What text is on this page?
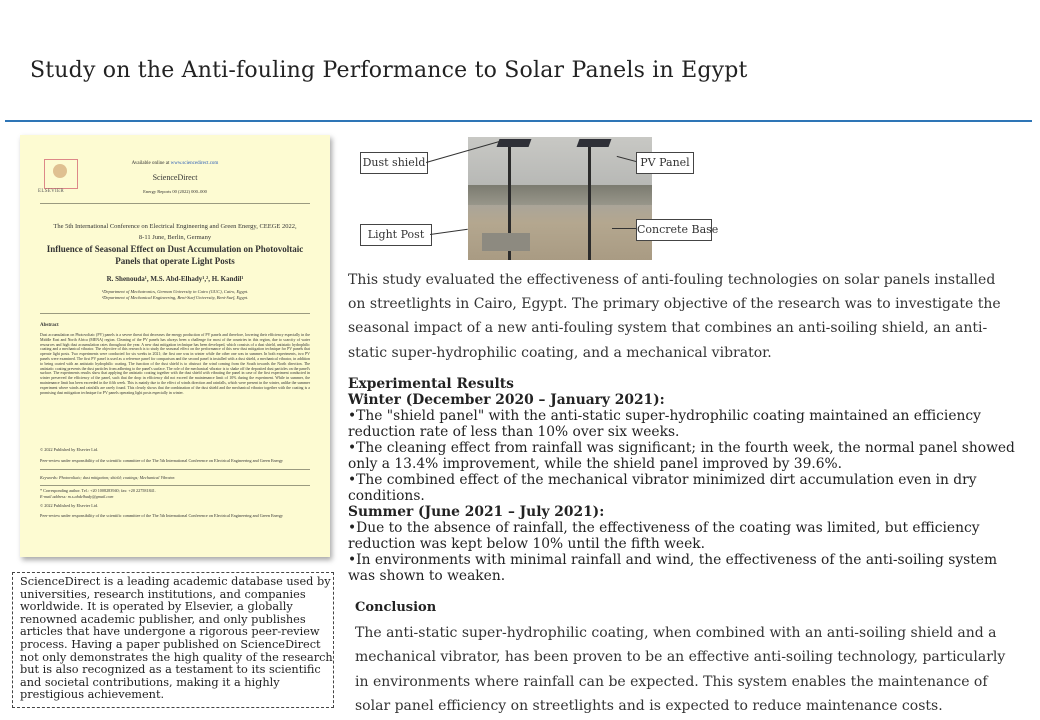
Study on the Anti-fouling Performance to Solar Panels in Egypt
ELSEVIER
Available online at www.sciencedirect.com
ScienceDirect
Energy Reports 00 (2022) 000–000
The 5th International Conference on Electrical Engineering and Green Energy, CEEGE 2022,
8-11 June, Berlin, Germany
Influence of Seasonal Effect on Dust Accumulation on Photovoltaic Panels that operate Light Posts
R. Shenouda¹, M.S. Abd-Elhady¹,², H. Kandil¹
¹Department of Mechatronics, German University in Cairo (GUC), Cairo, Egypt.
²Department of Mechanical Engineering, Beni-Suef University, Beni-Suef, Egypt.
Abstract
Dust accumulation on Photovoltaic (PV) panels is a severe threat that decreases the energy production of PV panels and therefore, lowering their efficiency especially in the Middle East and North Africa (MENA) region. Cleaning of the PV panels has always been a challenge for most of the countries in this region, due to scarcity of water resources and high dust accumulation rates throughout the year. A new dust mitigation technique has been developed, which consists of a dust shield, antistatic hydrophilic coating and a mechanical vibrator. The objective of this research is to study the seasonal effect on the performance of this new dust mitigation technique for PV panels that operate light posts. Two experiments were conducted for six weeks in 2021; the first one was in winter while the other one was in summer. In both experiments, two PV panels were examined. The first PV panel is used as a reference panel for comparison and the second panel is installed with a dust shield, a mechanical vibrator, in addition to being coated with an antistatic hydrophilic coating. The function of the dust shield is to obstruct the wind coming from the South towards the North direction. The antistatic coating prevents the dust particles from adhering to the panel's surface. The role of the mechanical vibrator is to shake off the deposited dust particles on the panel's surface. The experiments results show that applying the antistatic coating together with the dust shield with vibrating the panel in case of the first experiment conducted in winter preserved the efficiency of the panel, such that the drop in efficiency did not exceed the maintenance limit of 10% during the experiment. While in summer, the maintenance limit has been exceeded in the fifth week. This is mainly due to the effect of winds direction and rainfalls, which were present in the winter, unlike the summer experiment where winds and rainfalls are rarely found. This clearly shows that the combination of the dust shield and the mechanical vibrator together with the coating is a promising dust mitigation technique for PV panels operating light posts especially in winter.
© 2022 Published by Elsevier Ltd.
Peer-review under responsibility of the scientific committee of the The 5th International Conference on Electrical Engineering and Green Energy
Keywords: Photovoltaic; dust mitigation; shield; coatings; Mechanical Vibrator.
* Corresponding author. Tel.: +20 1008283940; fax: +20 227581841.
E-mail address: m.s.abdelhady@gmail.com
© 2022 Published by Elsevier Ltd.
Peer-review under responsibility of the scientific committee of the The 5th International Conference on Electrical Engineering and Green Energy
ScienceDirect is a leading academic database used by universities, research institutions, and companies worldwide. It is operated by Elsevier, a globally renowned academic publisher, and only publishes articles that have undergone a rigorous peer-review process. Having a paper published on ScienceDirect not only demonstrates the high quality of the research but is also recognized as a testament to its scientific and societal contributions, making it a highly prestigious achievement.
Dust shield
Light Post
PV Panel
Concrete Base
This study evaluated the effectiveness of anti-fouling technologies on solar panels installed on streetlights in Cairo, Egypt. The primary objective of the research was to investigate the seasonal impact of a new anti-fouling system that combines an anti-soiling shield, an anti-static super-hydrophilic coating, and a mechanical vibrator.
Experimental Results
Winter (December 2020 – January 2021):
•The "shield panel" with the anti-static super-hydrophilic coating maintained an efficiency reduction rate of less than 10% over six weeks.
•The cleaning effect from rainfall was significant; in the fourth week, the normal panel showed only a 13.4% improvement, while the shield panel improved by 39.6%.
•The combined effect of the mechanical vibrator minimized dirt accumulation even in dry conditions.
Summer (June 2021 – July 2021):
•Due to the absence of rainfall, the effectiveness of the coating was limited, but efficiency reduction was kept below 10% until the fifth week.
•In environments with minimal rainfall and wind, the effectiveness of the anti-soiling system was shown to weaken.
Conclusion
The anti-static super-hydrophilic coating, when combined with an anti-soiling shield and a mechanical vibrator, has been proven to be an effective anti-soiling technology, particularly in environments where rainfall can be expected. This system enables the maintenance of solar panel efficiency on streetlights and is expected to reduce maintenance costs.
